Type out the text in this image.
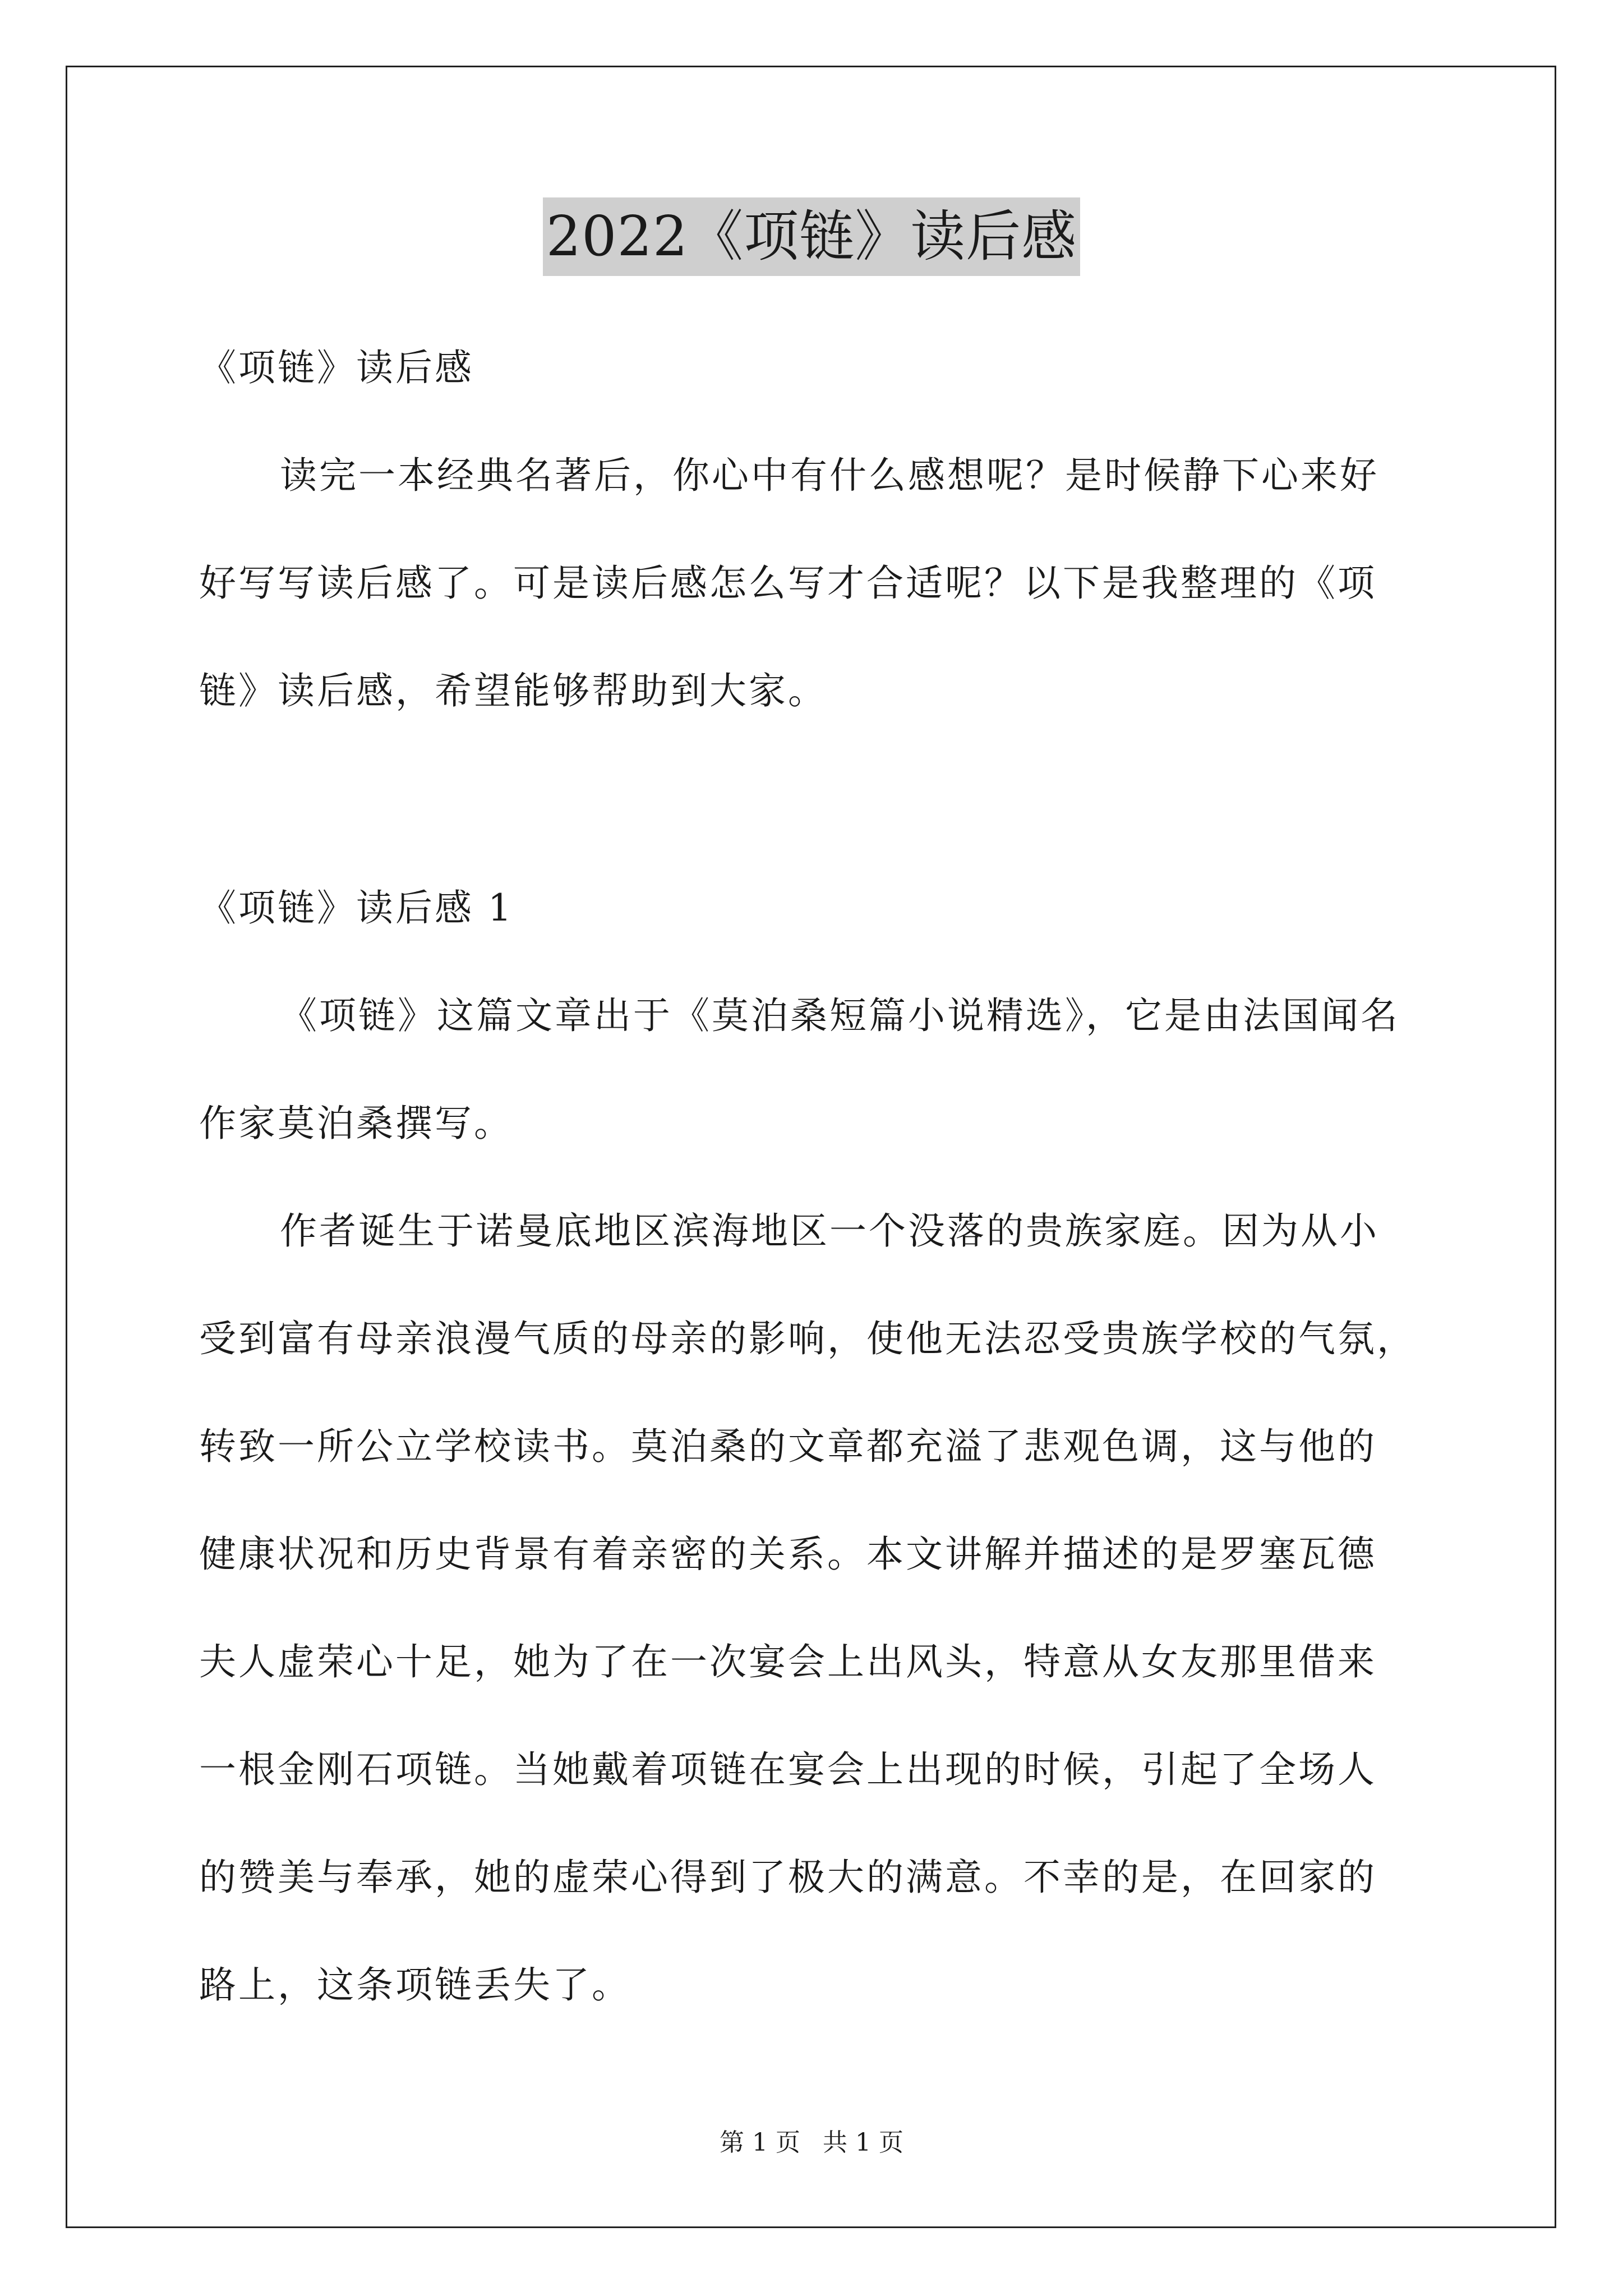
2022《项链》读后感
《项链》读后感
读完一本经典名著后，你心中有什么感想呢？是时候静下心来好
好写写读后感了。可是读后感怎么写才合适呢？以下是我整理的《项
链》读后感，希望能够帮助到大家。
《项链》读后感 1
《项链》这篇文章出于《莫泊桑短篇小说精选》，它是由法国闻名
作家莫泊桑撰写。
作者诞生于诺曼底地区滨海地区一个没落的贵族家庭。因为从小
受到富有母亲浪漫气质的母亲的影响，使他无法忍受贵族学校的气氛，
转致一所公立学校读书。莫泊桑的文章都充溢了悲观色调，这与他的
健康状况和历史背景有着亲密的关系。本文讲解并描述的是罗塞瓦德
夫人虚荣心十足，她为了在一次宴会上出风头，特意从女友那里借来
一根金刚石项链。当她戴着项链在宴会上出现的时候，引起了全场人
的赞美与奉承，她的虚荣心得到了极大的满意。不幸的是，在回家的
路上，这条项链丢失了。
第 1 页 共 1 页
